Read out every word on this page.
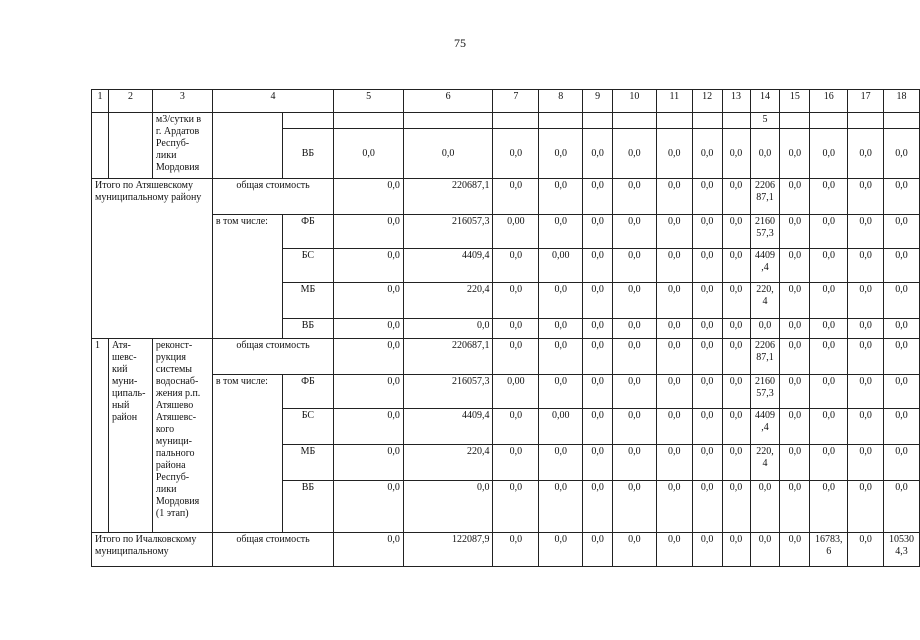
75
1	2	3	4		5	6	7	8	9	10	11	12	13	14	15	16	17	18
		м3/сутки в г. Ардатов Респуб- лики Мордовия												5				
				ВБ	0,0	0,0	0,0	0,0	0,0	0,0	0,0	0,0	0,0	0,0	0,0	0,0	0,0	0,0
Итого по Атяшевскому муниципальному району			общая стоимость		0,0	220687,1	0,0	0,0	0,0	0,0	0,0	0,0	0,0	2206 87,1	0,0	0,0	0,0	0,0
			в том числе:	ФБ	0,0	216057,3	0,00	0,0	0,0	0,0	0,0	0,0	0,0	2160 57,3	0,0	0,0	0,0	0,0
				БС	0,0	4409,4	0,0	0,00	0,0	0,0	0,0	0,0	0,0	4409 ,4	0,0	0,0	0,0	0,0
				МБ	0,0	220,4	0,0	0,0	0,0	0,0	0,0	0,0	0,0	220, 4	0,0	0,0	0,0	0,0
				ВБ	0,0	0,0	0,0	0,0	0,0	0,0	0,0	0,0	0,0	0,0	0,0	0,0	0,0	0,0
1	Атя- шевс- кий муни- ципаль- ный район	реконст- рукция системы водоснаб- жения р.п. Атяшево Атяшевс- кого муници- пального района Респуб- лики Мордовия (1 этап)	общая стоимость		0,0	220687,1	0,0	0,0	0,0	0,0	0,0	0,0	0,0	2206 87,1	0,0	0,0	0,0	0,0
			в том числе:	ФБ	0,0	216057,3	0,00	0,0	0,0	0,0	0,0	0,0	0,0	2160 57,3	0,0	0,0	0,0	0,0
				БС	0,0	4409,4	0,0	0,00	0,0	0,0	0,0	0,0	0,0	4409 ,4	0,0	0,0	0,0	0,0
				МБ	0,0	220,4	0,0	0,0	0,0	0,0	0,0	0,0	0,0	220, 4	0,0	0,0	0,0	0,0
				ВБ	0,0	0,0	0,0	0,0	0,0	0,0	0,0	0,0	0,0	0,0	0,0	0,0	0,0	0,0
Итого по Ичалковскому муниципальному			общая стоимость		0,0	122087,9	0,0	0,0	0,0	0,0	0,0	0,0	0,0	0,0	0,0	16783, 6	0,0	10530 4,3
